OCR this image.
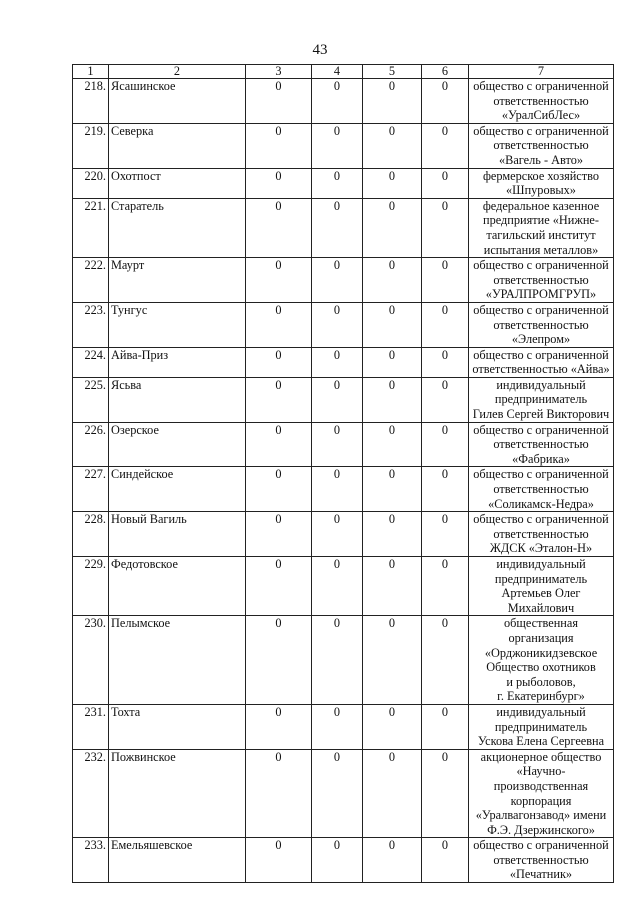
43
1	2	3	4	5	6	7
218.	Ясашинское	0	0	0	0	общество с ограниченной
ответственностью
«УралСибЛес»

219.	Северка	0	0	0	0	общество с ограниченной
ответственностью
«Вагель - Авто»

220.	Охотпост	0	0	0	0	фермерское хозяйство
«Шпуровых»

221.	Старатель	0	0	0	0	федеральное казенное
предприятие «Нижне-
тагильский институт
испытания металлов»

222.	Маурт	0	0	0	0	общество с ограниченной
ответственностью
«УРАЛПРОМГРУП»

223.	Тунгус	0	0	0	0	общество с ограниченной
ответственностью
«Элепром»

224.	Айва-Приз	0	0	0	0	общество с ограниченной
ответственностью «Айва»

225.	Ясьва	0	0	0	0	индивидуальный
предприниматель
Гилев Сергей Викторович

226.	Озерское	0	0	0	0	общество с ограниченной
ответственностью
«Фабрика»

227.	Синдейское	0	0	0	0	общество с ограниченной
ответственностью
«Соликамск-Недра»

228.	Новый Вагиль	0	0	0	0	общество с ограниченной
ответственностью
ЖДСК «Эталон-Н»

229.	Федотовское	0	0	0	0	индивидуальный
предприниматель
Артемьев Олег
Михайлович

230.	Пелымское	0	0	0	0	общественная организация
«Орджоникидзевское
Общество охотников
и рыболовов,
г. Екатеринбург»

231.	Тохта	0	0	0	0	индивидуальный
предприниматель
Ускова Елена Сергеевна

232.	Пожвинское	0	0	0	0	акционерное общество
«Научно-производственная
корпорация
«Уралвагонзавод» имени
Ф.Э. Дзержинского»

233.	Емельяшевское	0	0	0	0	общество с ограниченной
ответственностью
«Печатник»
